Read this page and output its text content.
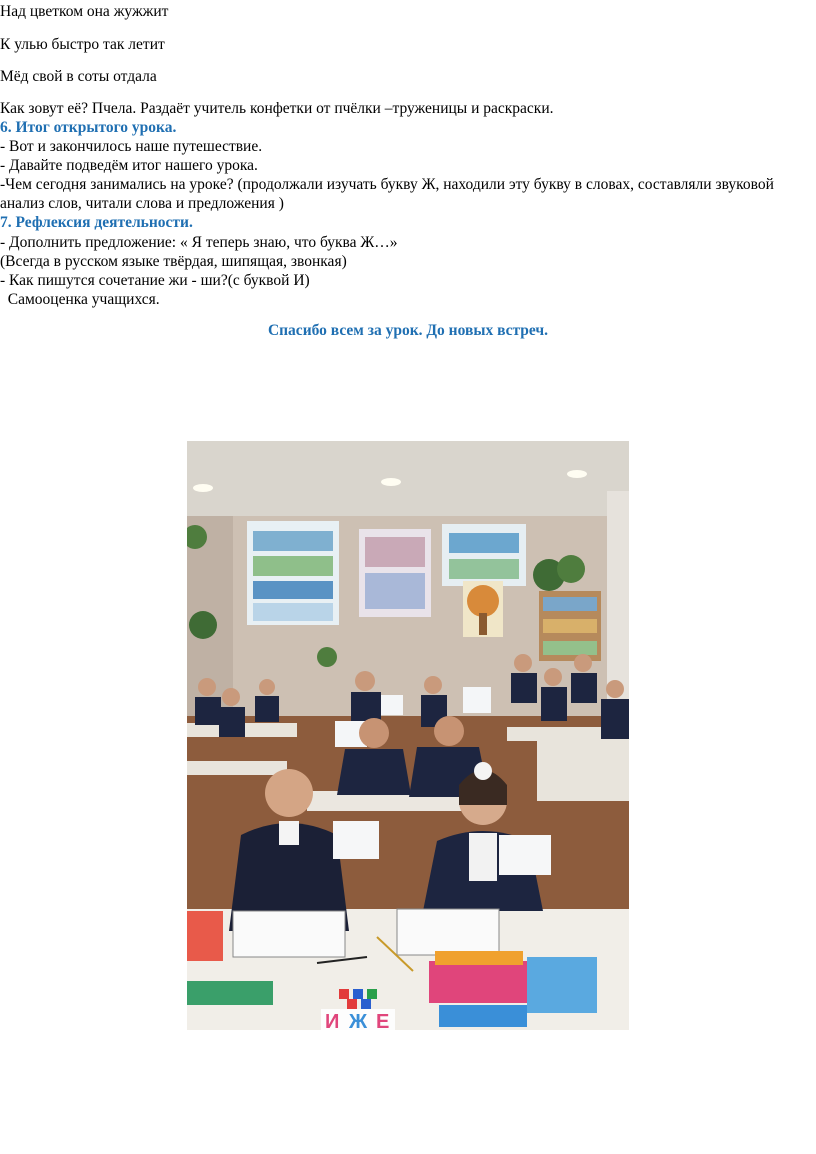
Над цветком она жужжит
К улью быстро так летит
Мёд свой в соты отдала
Как зовут её? Пчела. Раздаёт учитель конфетки от пчёлки –труженицы и раскраски.
6. Итог открытого урока.
- Вот и закончилось наше путешествие.
- Давайте подведём итог нашего урока.
-Чем сегодня занимались на уроке? (продолжали изучать букву Ж, находили эту букву в словах, составляли звуковой анализ слов, читали слова и предложения )
7. Рефлексия деятельности.
- Дополнить предложение: « Я теперь знаю, что буква Ж…»
(Всегда в русском языке твёрдая, шипящая, звонкая)
- Как пишутся сочетание жи - ши?(с буквой И)
Самооценка учащихся.
Спасибо всем за урок. До новых встреч.
И Ж Е
